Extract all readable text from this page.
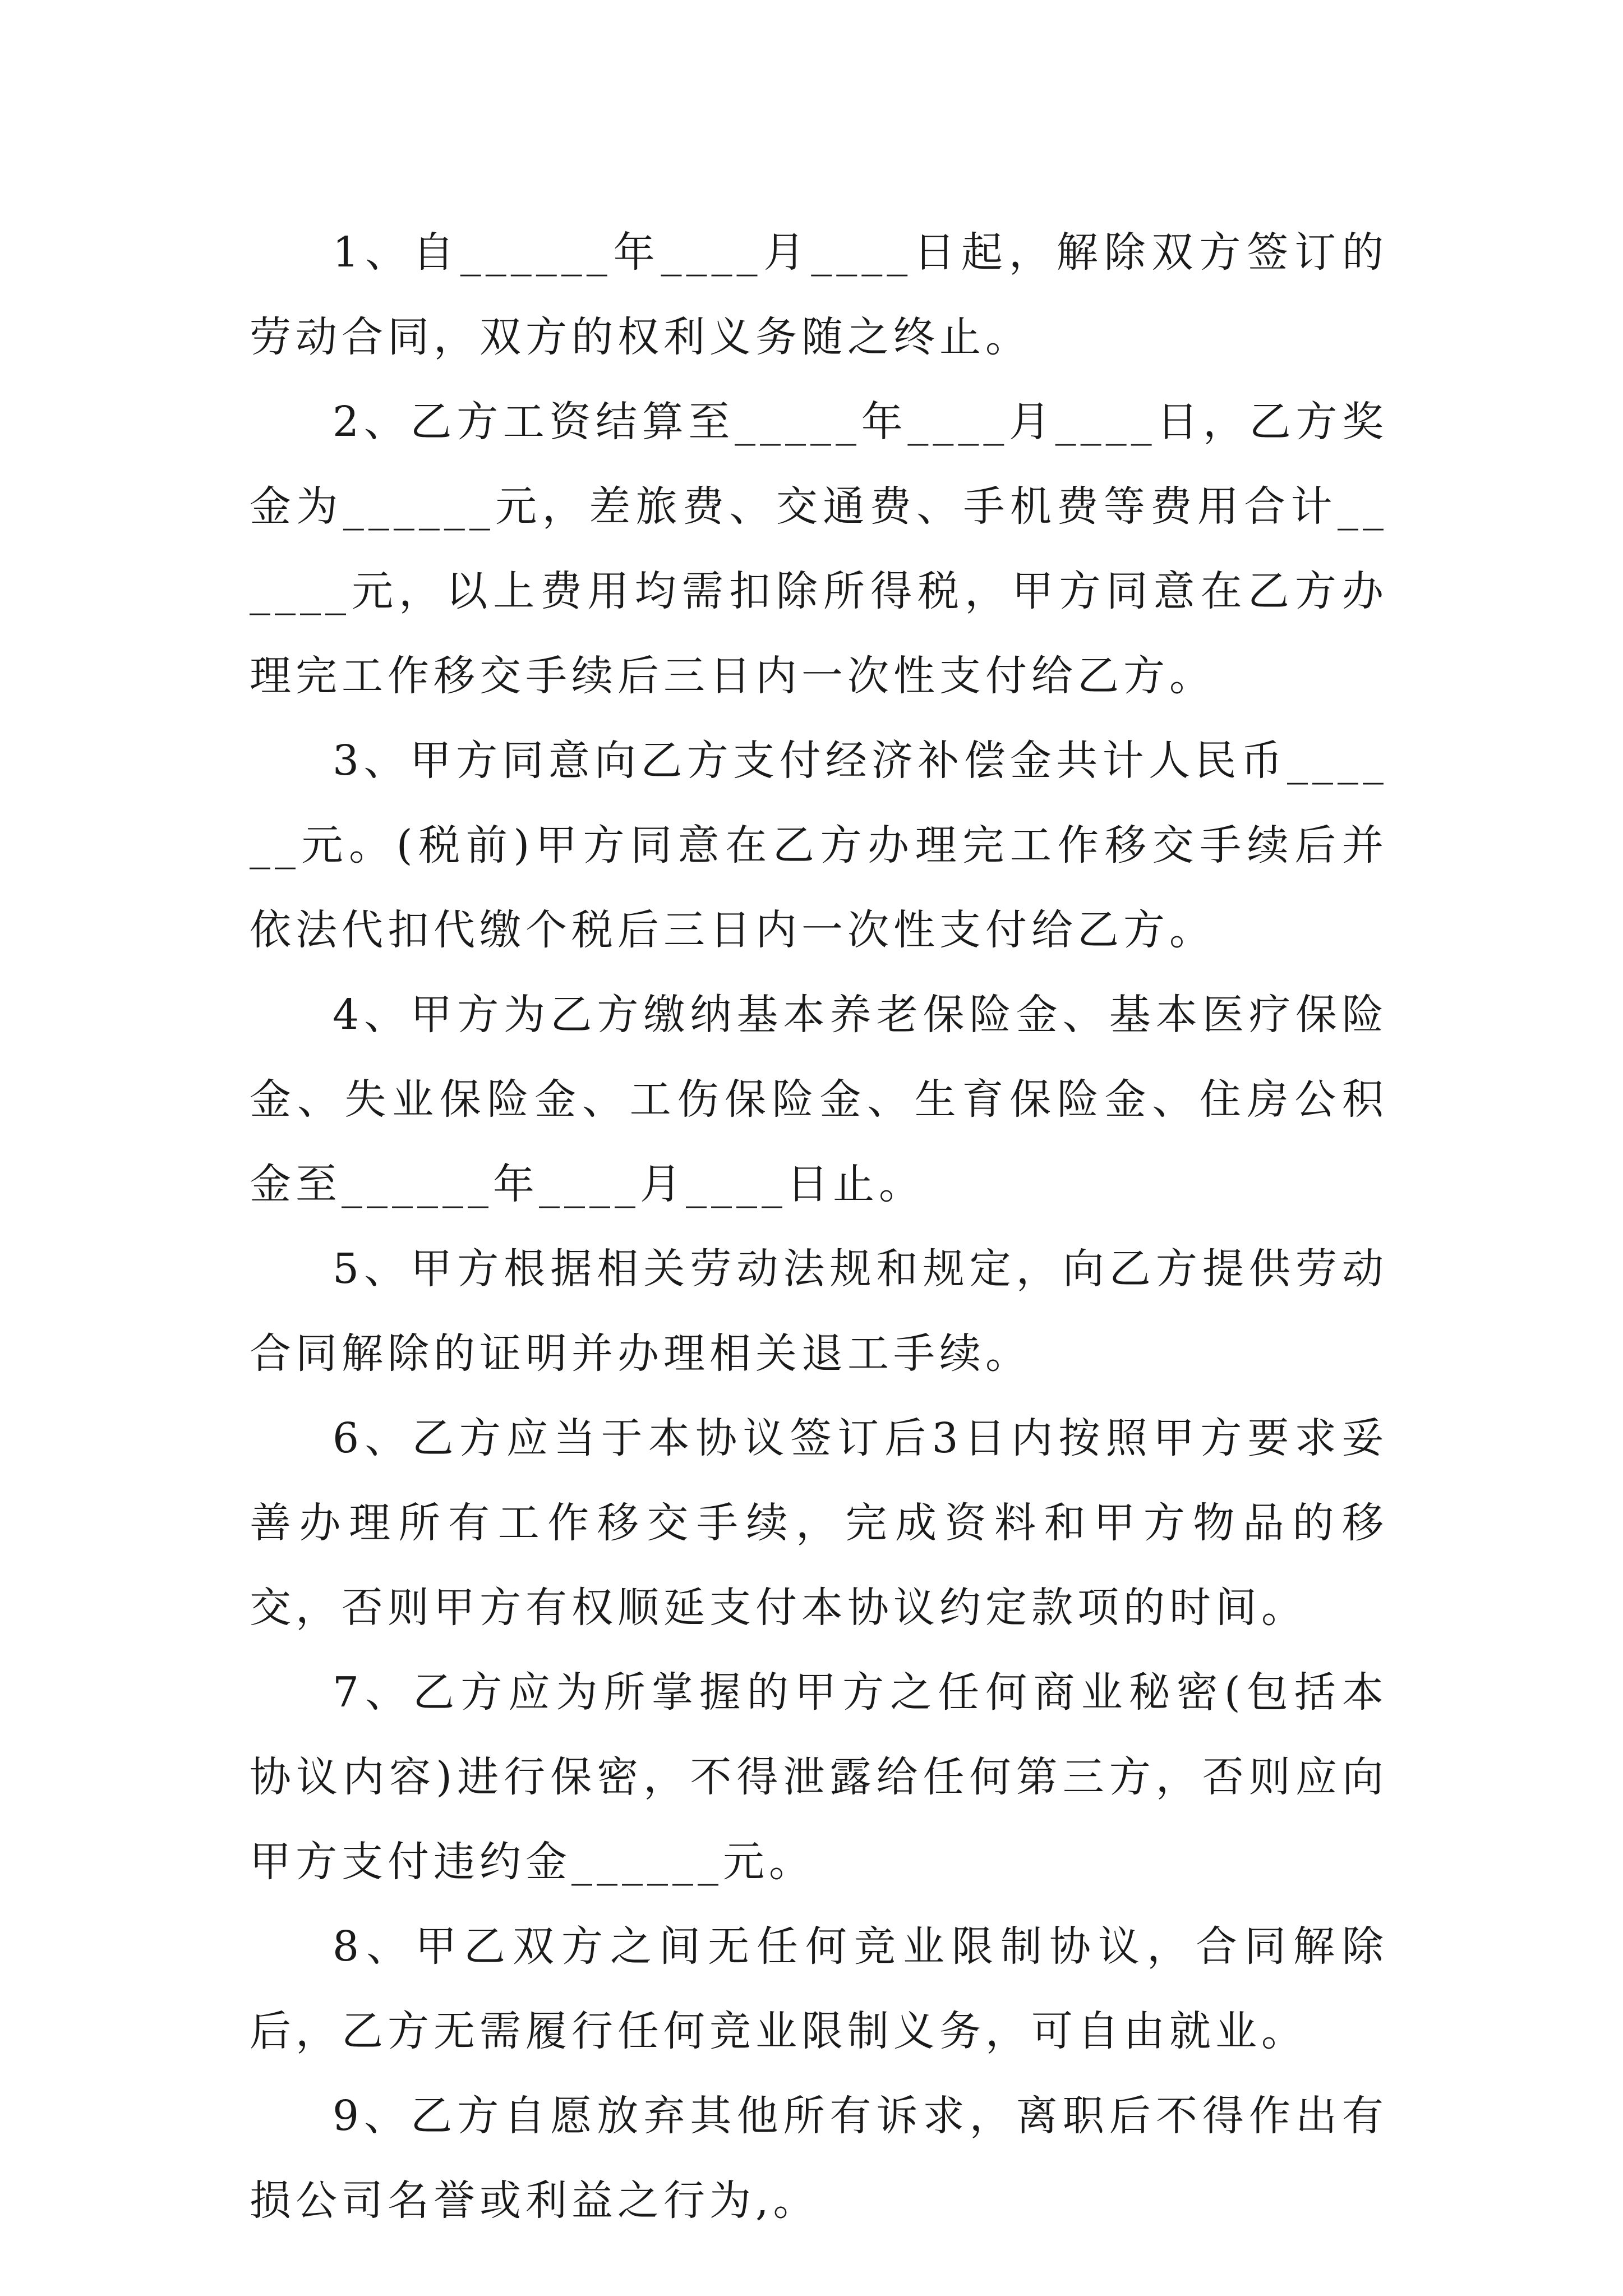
1、自______年____月____日起，解除双方签订的劳动合同，双方的权利义务随之终止。

2、乙方工资结算至_____年____月____日，乙方奖金为______元，差旅费、交通费、手机费等费用合计______元，以上费用均需扣除所得税，甲方同意在乙方办理完工作移交手续后三日内一次性支付给乙方。

3、甲方同意向乙方支付经济补偿金共计人民币______元。(税前)甲方同意在乙方办理完工作移交手续后并依法代扣代缴个税后三日内一次性支付给乙方。

4、甲方为乙方缴纳基本养老保险金、基本医疗保险金、失业保险金、工伤保险金、生育保险金、住房公积金至______年____月____日止。

5、甲方根据相关劳动法规和规定，向乙方提供劳动合同解除的证明并办理相关退工手续。

6、乙方应当于本协议签订后3日内按照甲方要求妥善办理所有工作移交手续，完成资料和甲方物品的移交，否则甲方有权顺延支付本协议约定款项的时间。

7、乙方应为所掌握的甲方之任何商业秘密(包括本协议内容)进行保密，不得泄露给任何第三方，否则应向甲方支付违约金______元。

8、甲乙双方之间无任何竞业限制协议，合同解除后，乙方无需履行任何竞业限制义务，可自由就业。

9、乙方自愿放弃其他所有诉求，离职后不得作出有损公司名誉或利益之行为,。
